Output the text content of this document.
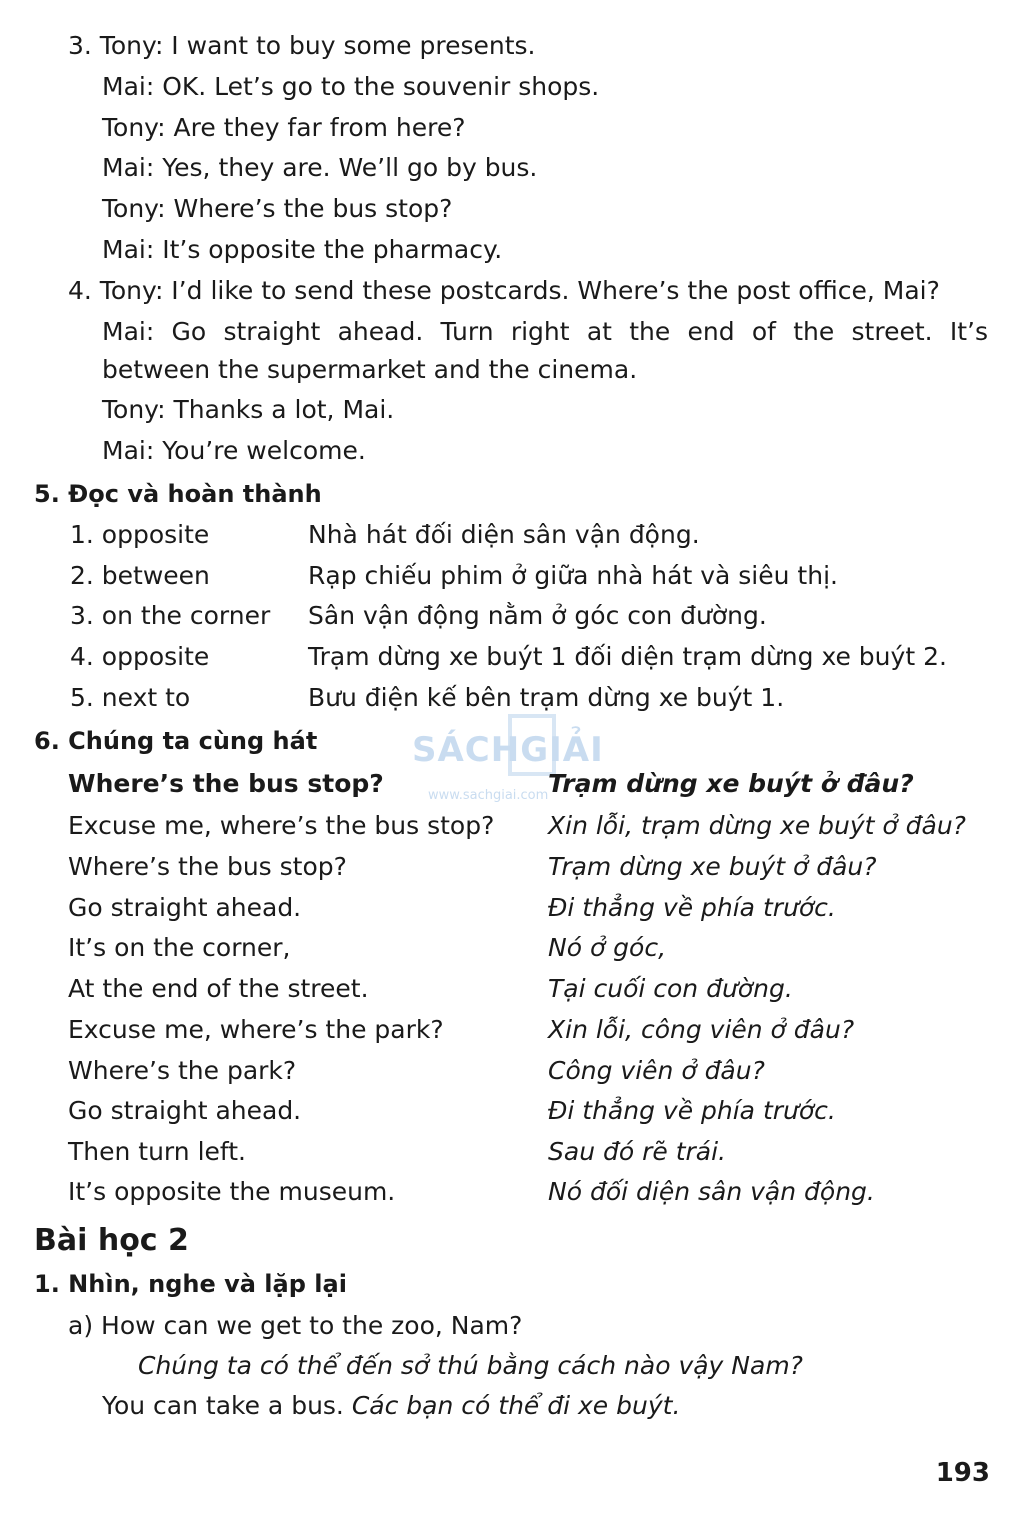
3. Tony: I want to buy some presents.
Mai: OK. Let’s go to the souvenir shops.
Tony: Are they far from here?
Mai: Yes, they are. We’ll go by bus.
Tony: Where’s the bus stop?
Mai: It’s opposite the pharmacy.
4. Tony: I’d like to send these postcards. Where’s the post office, Mai?
Mai: Go straight ahead. Turn right at the end of the street. It’s
between the supermarket and the cinema.
Tony: Thanks a lot, Mai.
Mai: You’re welcome.
5. Đọc và hoàn thành
1. opposite	Nhà hát đối diện sân vận động.
2. between	Rạp chiếu phim ở giữa nhà hát và siêu thị.
3. on the corner Sân vận động nằm ở góc con đường.
4. opposite	Trạm dừng xe buýt 1 đối diện trạm dừng xe buýt 2.
5. next to	Bưu điện kế bên trạm dừng xe buýt 1.
SÁCHGIẢI
www.sachgiai.com
6. Chúng ta cùng hát
Where’s the bus stop?	Trạm dừng xe buýt ở đâu?
Excuse me, where’s the bus stop? Xin lỗi, trạm dừng xe buýt ở đâu?
Where’s the bus stop?	Trạm dừng xe buýt ở đâu?
Go straight ahead.	Đi thẳng về phía trước.
It’s on the corner,	Nó ở góc,
At the end of the street.	Tại cuối con đường.
Excuse me, where’s the park?	Xin lỗi, công viên ở đâu?
Where’s the park?	Công viên ở đâu?
Go straight ahead.	Đi thẳng về phía trước.
Then turn left.	Sau đó rẽ trái.
It’s opposite the museum.	Nó đối diện sân vận động.
Bài học 2
1. Nhìn, nghe và lặp lại
a) How can we get to the zoo, Nam?
Chúng ta có thể đến sở thú bằng cách nào vậy Nam?
You can take a bus. Các bạn có thể đi xe buýt.
193
